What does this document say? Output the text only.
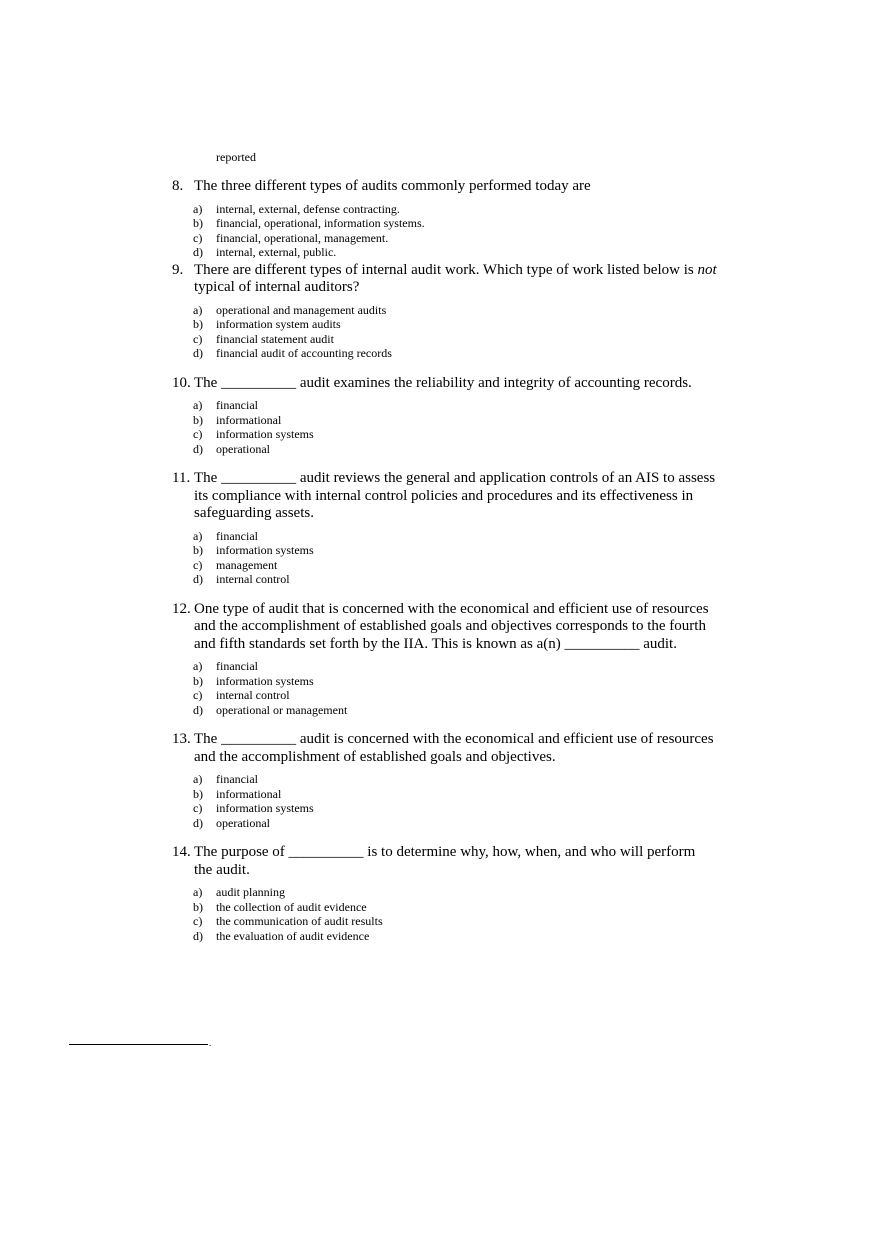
reported
8. The three different types of audits commonly performed today are
a)	internal, external, defense contracting.
b)	financial, operational, information systems.
c)	financial, operational, management.
d)	internal, external, public.
9. There are different types of internal audit work. Which type of work listed below is not typical of internal auditors?
a)	operational and management audits
b)	information system audits
c)	financial statement audit
d)	financial audit of accounting records
10. The __________ audit examines the reliability and integrity of accounting records.
a)	financial
b)	informational
c)	information systems
d)	operational
11. The __________ audit reviews the general and application controls of an AIS to assess its compliance with internal control policies and procedures and its effectiveness in safeguarding assets.
a)	financial
b)	information systems
c)	management
d)	internal control
12. One type of audit that is concerned with the economical and efficient use of resources and the accomplishment of established goals and objectives corresponds to the fourth and fifth standards set forth by the IIA. This is known as a(n) __________ audit.
a)	financial
b)	information systems
c)	internal control
d)	operational or management
13. The __________ audit is concerned with the economical and efficient use of resources and the accomplishment of established goals and objectives.
a)	financial
b)	informational
c)	information systems
d)	operational
14. The purpose of __________ is to determine why, how, when, and who will perform the audit.
a)	audit planning
b)	the collection of audit evidence
c)	the communication of audit results
d)	the evaluation of audit evidence
.
